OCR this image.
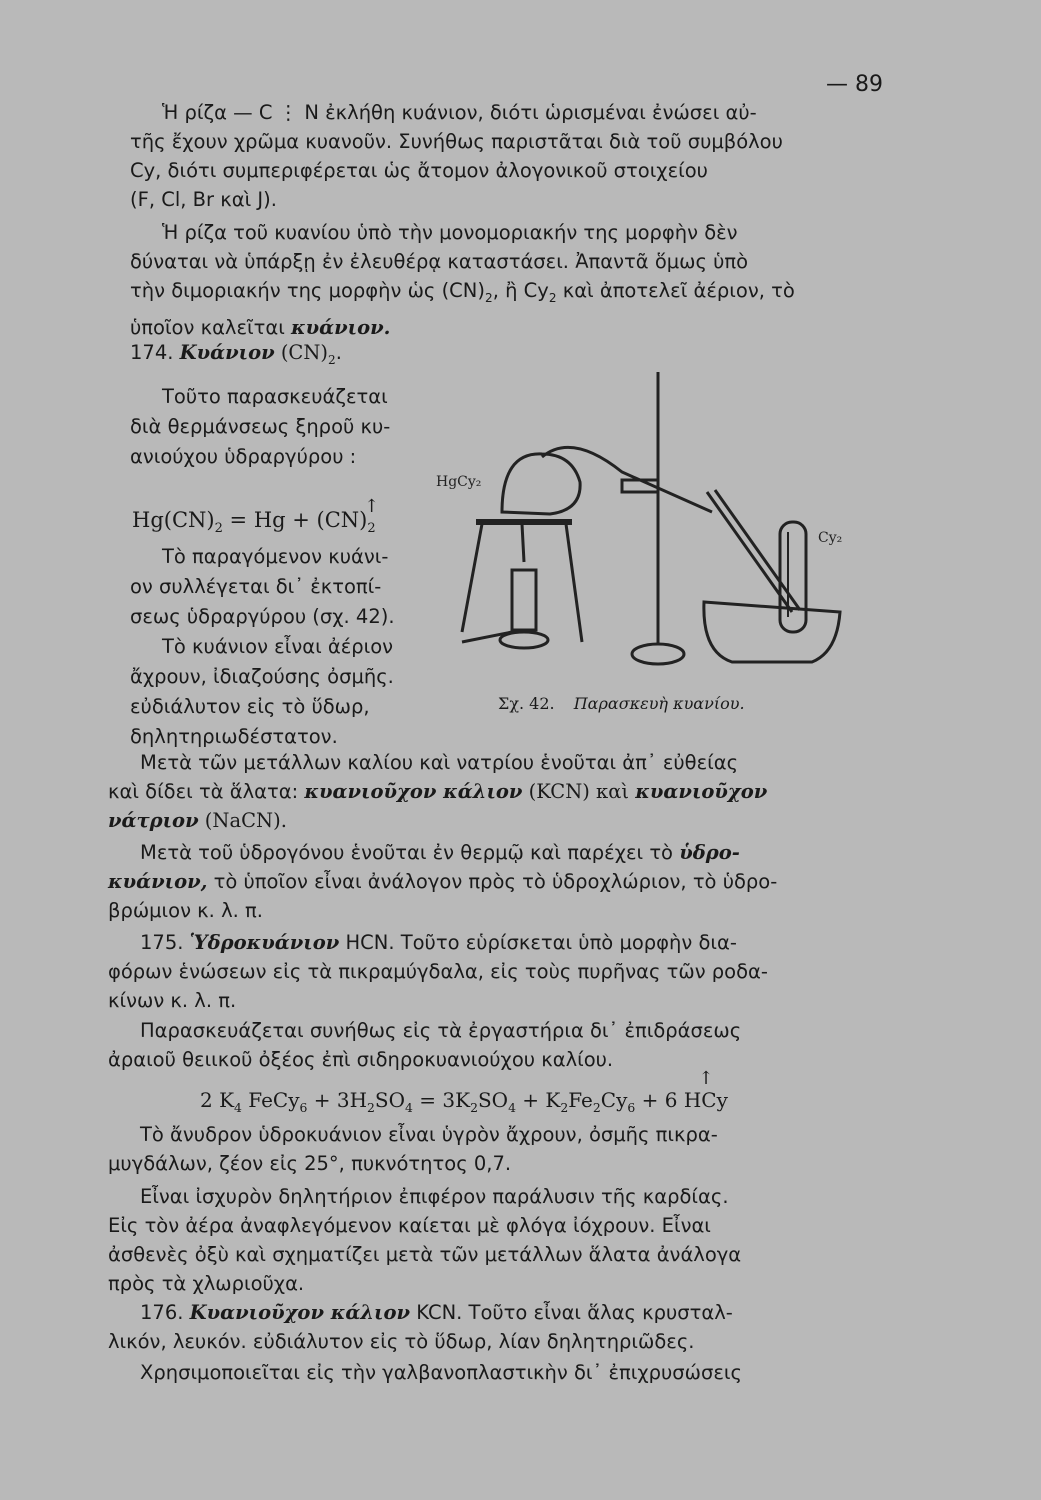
— 89

Ἡ ρίζα — C ⋮ N ἐκλήθη κυάνιον, διότι ὡρισμέναι ἐνώσει αὐ-

τῆς ἔχουν χρῶμα κυανοῦν. Συνήθως παριστᾶται διὰ τοῦ συμβόλου

Cy, διότι συμπεριφέρεται ὡς ἄτομον ἀλογονικοῦ στοιχείου

(F, Cl, Br καὶ J).

Ἡ ρίζα τοῦ κυανίου ὑπὸ τὴν μονομοριακήν της μορφὴν δὲν

δύναται νὰ ὑπάρξῃ ἐν ἐλευθέρᾳ καταστάσει. Ἀπαντᾶ ὅμως ὑπὸ

τὴν διμοριακήν της μορφὴν ὡς $(CN)_2$, ἢ $Cy_2$ καὶ ἀποτελεῖ ἀέριον, τὸ

ὑποῖον καλεῖται κυάνιον.

174. Κυάνιον $(CN)_2$.

Τοῦτο παρασκευάζεται

διὰ θερμάνσεως ξηροῦ κυ-

ανιούχου ὑδραργύρου :

$Hg(CN)_2 = Hg$ + (CN)↑ $_2$

Τὸ παραγόμενον κυάνι-

ον συλλέγεται δι᾽ ἐκτοπί-

σεως ὑδραργύρου (σχ. 42).

Τὸ κυάνιον εἶναι ἀέριον

ἄχρουν, ἰδιαζούσης ὀσμῆς.

εὐδιάλυτον εἰς τὸ ὕδωρ,

δηλητηριωδέστατον.

HgCy₂
Cy₂
Σχ. 42. Παρασκευὴ κυανίου.

Μετὰ τῶν μετάλλων καλίου καὶ νατρίου ἑνοῦται ἀπ᾽ εὐθείας

καὶ δίδει τὰ ἅλατα: κυανιοῦχον κάλιον (KCN) καὶ κυανιοῦχον

νάτριον (NaCN).

Μετὰ τοῦ ὑδρογόνου ἑνοῦται ἐν θερμῷ καὶ παρέχει τὸ ὑδρο-

κυάνιον, τὸ ὑποῖον εἶναι ἀνάλογον πρὸς τὸ ὑδροχλώριον, τὸ ὑδρο-

βρώμιον κ. λ. π.

175. Ὑδροκυάνιον HCN. Τοῦτο εὑρίσκεται ὑπὸ μορφὴν δια-

φόρων ἑνώσεων εἰς τὰ πικραμύγδαλα, εἰς τοὺς πυρῆνας τῶν ροδα-

κίνων κ. λ. π.

Παρασκευάζεται συνήθως εἰς τὰ ἐργαστήρια δι᾽ ἐπιδράσεως

ἀραιοῦ θειικοῦ ὀξέος ἐπὶ σιδηροκυανιούχου καλίου.

2 $K_4$ FeCy$_6$ + $3H_2SO_4 = 3K_2SO_4 + K_2Fe_2Cy_6 + 6$ ↑ HCy

Τὸ ἄνυδρον ὑδροκυάνιον εἶναι ὑγρὸν ἄχρουν, ὀσμῆς πικρα-

μυγδάλων, ζέον εἰς 25°, πυκνότητος 0,7.

Εἶναι ἰσχυρὸν δηλητήριον ἐπιφέρον παράλυσιν τῆς καρδίας.

Εἰς τὸν ἀέρα ἀναφλεγόμενον καίεται μὲ φλόγα ἰόχρουν. Εἶναι

ἀσθενὲς ὀξὺ καὶ σχηματίζει μετὰ τῶν μετάλλων ἅλατα ἀνάλογα

πρὸς τὰ χλωριοῦχα.

176. Κυανιοῦχον κάλιον KCN. Τοῦτο εἶναι ἅλας κρυσταλ-

λικόν, λευκόν. εὐδιάλυτον εἰς τὸ ὕδωρ, λίαν δηλητηριῶδες.

Χρησιμοποιεῖται εἰς τὴν γαλβανοπλαστικὴν δι᾽ ἐπιχρυσώσεις
